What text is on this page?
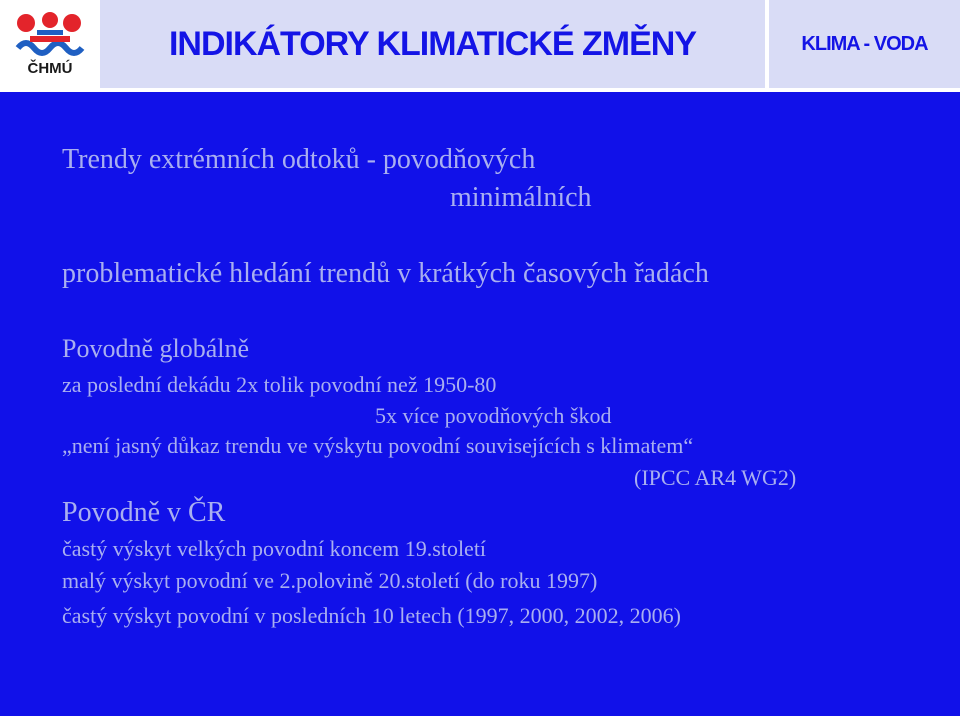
ČHMÚ
INDIKÁTORY KLIMATICKÉ ZMĚNY	KLIMA - VODA
Trendy extrémních odtoků - povodňových
minimálních
problematické hledání trendů v krátkých časových řadách
Povodně globálně
za poslední dekádu 2x tolik povodní než 1950-80
5x více povodňových škod
„není jasný důkaz trendu ve výskytu povodní souvisejících s klimatem“
(IPCC AR4 WG2)
Povodně v ČR
častý výskyt velkých povodní koncem 19.století
malý výskyt povodní ve 2.polovině 20.století (do roku 1997)
častý výskyt povodní v posledních 10 letech (1997, 2000, 2002, 2006)
